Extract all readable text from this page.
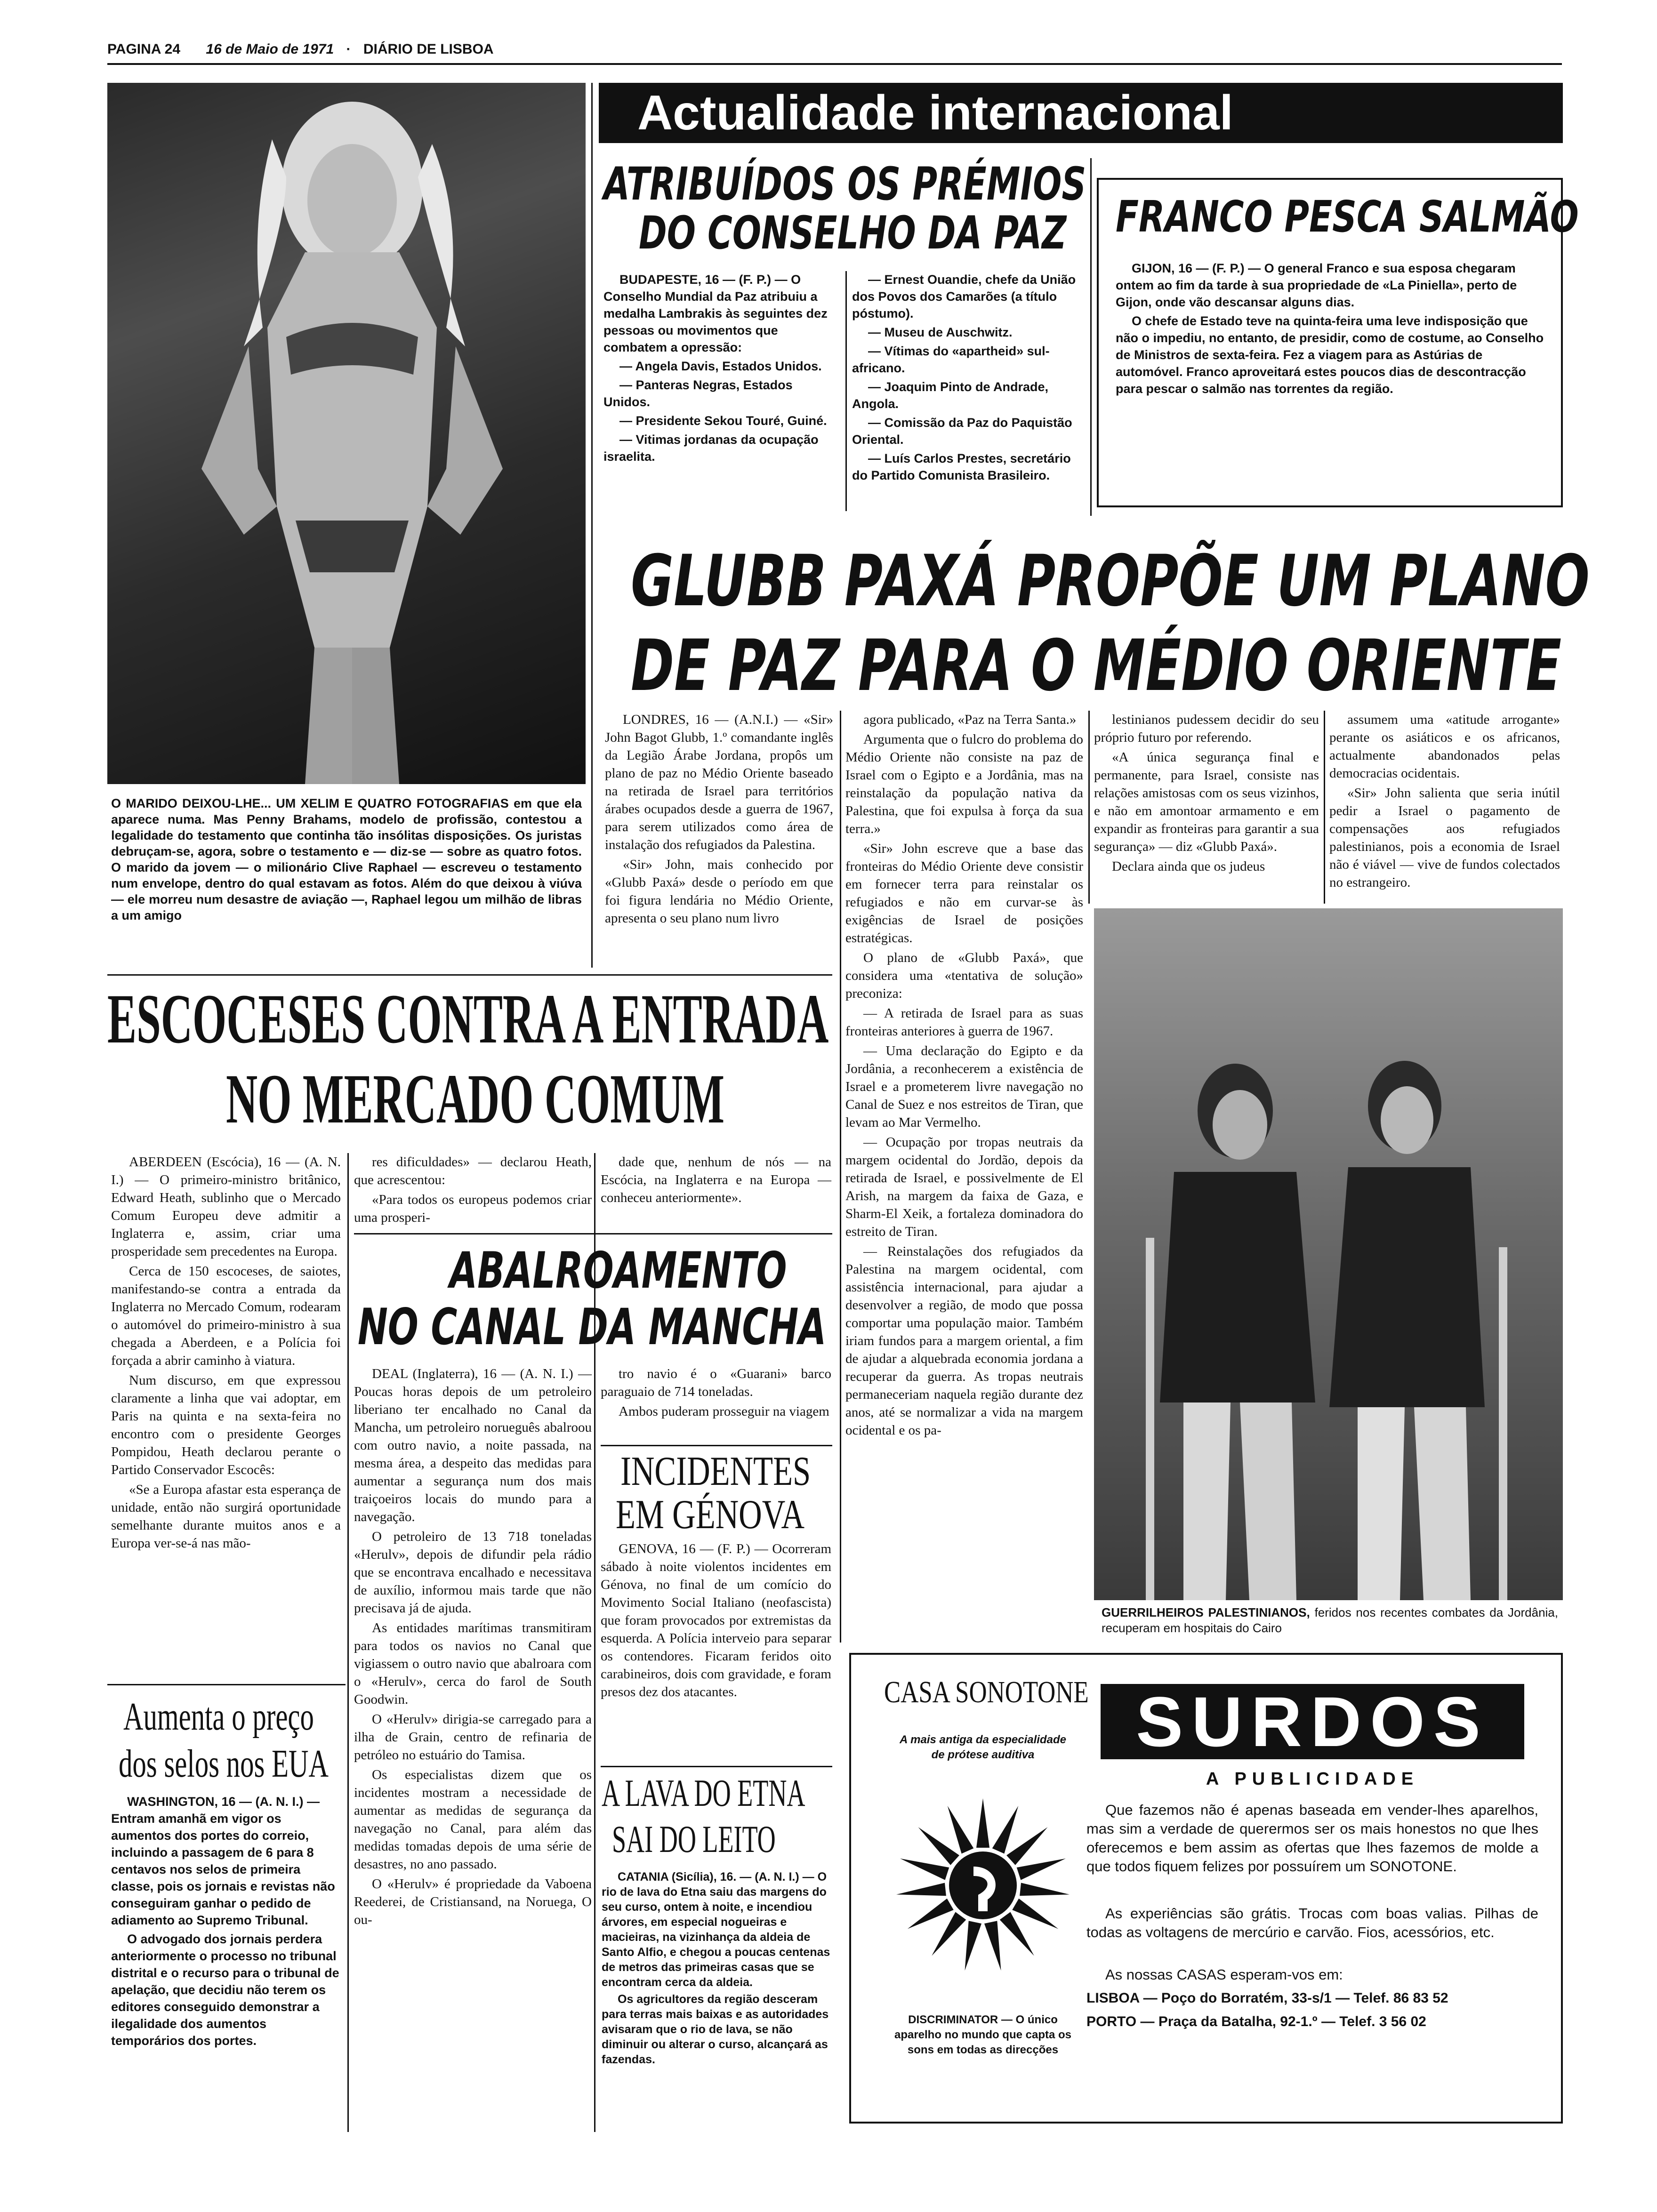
PAGINA 24 16 de Maio de 1971 · DIÁRIO DE LISBOA
O MARIDO DEIXOU-LHE... UM XELIM E QUATRO FOTOGRAFIAS em que ela aparece numa. Mas Penny Brahams, modelo de profissão, contestou a legalidade do testamento que continha tão insólitas disposições. Os juristas debruçam-se, agora, sobre o testamento e — diz-se — sobre as quatro fotos. O marido da jovem — o milionário Clive Raphael — escreveu o testamento num envelope, dentro do qual estavam as fotos. Além do que deixou à viúva — ele morreu num desastre de aviação —, Raphael legou um milhão de libras a um amigo
Actualidade internacional
ATRIBUÍDOS OS PRÉMIOS
DO CONSELHO DA PAZ

BUDAPESTE, 16 — (F. P.) — O Conselho Mundial da Paz atribuiu a medalha Lambrakis às seguintes dez pessoas ou movimentos que combatem a opressão:

— Angela Davis, Estados Unidos.

— Panteras Negras, Estados Unidos.

— Presidente Sekou Touré, Guiné.

— Vitimas jordanas da ocupação israelita.

— Ernest Ouandie, chefe da União dos Povos dos Camarões (a título póstumo).

— Museu de Auschwitz.

— Vítimas do «apartheid» sul-africano.

— Joaquim Pinto de Andrade, Angola.

— Comissão da Paz do Paquistão Oriental.

— Luís Carlos Prestes, secretário do Partido Comunista Brasileiro.

FRANCO PESCA SALMÃO

GIJON, 16 — (F. P.) — O general Franco e sua esposa chegaram ontem ao fim da tarde à sua propriedade de «La Piniella», perto de Gijon, onde vão descansar alguns dias.

O chefe de Estado teve na quinta-feira uma leve indisposição que não o impediu, no entanto, de presidir, como de costume, ao Conselho de Ministros de sexta-feira. Fez a viagem para as Astúrias de automóvel. Franco aproveitará estes poucos dias de descontracção para pescar o salmão nas torrentes da região.

GLUBB PAXÁ PROPÕE UM PLANO
DE PAZ PARA O MÉDIO ORIENTE

LONDRES, 16 — (A.N.I.) — «Sir» John Bagot Glubb, 1.º comandante inglês da Legião Árabe Jordana, propôs um plano de paz no Médio Oriente baseado na retirada de Israel para territórios árabes ocupados desde a guerra de 1967, para serem utilizados como área de instalação dos refugiados da Palestina.

«Sir» John, mais conhecido por «Glubb Paxá» desde o período em que foi figura lendária no Médio Oriente, apresenta o seu plano num livro

agora publicado, «Paz na Terra Santa.»

Argumenta que o fulcro do problema do Médio Oriente não consiste na paz de Israel com o Egipto e a Jordânia, mas na reinstalação da população nativa da Palestina, que foi expulsa à força da sua terra.»

«Sir» John escreve que a base das fronteiras do Médio Oriente deve consistir em fornecer terra para reinstalar os refugiados e não em curvar-se às exigências de Israel de posições estratégicas.

O plano de «Glubb Paxá», que considera uma «tentativa de solução» preconiza:

— A retirada de Israel para as suas fronteiras anteriores à guerra de 1967.

— Uma declaração do Egipto e da Jordânia, a reconhecerem a existência de Israel e a prometerem livre navegação no Canal de Suez e nos estreitos de Tiran, que levam ao Mar Vermelho.

— Ocupação por tropas neutrais da margem ocidental do Jordão, depois da retirada de Israel, e possivelmente de El Arish, na margem da faixa de Gaza, e Sharm-El Xeik, a fortaleza dominadora do estreito de Tiran.

— Reinstalações dos refugiados da Palestina na margem ocidental, com assistência internacional, para ajudar a desenvolver a região, de modo que possa comportar uma população maior. Também iriam fundos para a margem oriental, a fim de ajudar a alquebrada economia jordana a recuperar da guerra. As tropas neutrais permaneceriam naquela região durante dez anos, até se normalizar a vida na margem ocidental e os pa-

lestinianos pudessem decidir do seu próprio futuro por referendo.

«A única segurança final e permanente, para Israel, consiste nas relações amistosas com os seus vizinhos, e não em amontoar armamento e em expandir as fronteiras para garantir a sua segurança» — diz «Glubb Paxá».

Declara ainda que os judeus

assumem uma «atitude arrogante» perante os asiáticos e os africanos, actualmente abandonados pelas democracias ocidentais.

«Sir» John salienta que seria inútil pedir a Israel o pagamento de compensações aos refugiados palestinianos, pois a economia de Israel não é viável — vive de fundos colectados no estrangeiro.

GUERRILHEIROS PALESTINIANOS, feridos nos recentes combates da Jordânia, recuperam em hospitais do Cairo
ESCOCESES CONTRA A ENTRADA
NO MERCADO COMUM

ABERDEEN (Escócia), 16 — (A. N. I.) — O primeiro-ministro britânico, Edward Heath, sublinho que o Mercado Comum Europeu deve admitir a Inglaterra e, assim, criar uma prosperidade sem precedentes na Europa.

Cerca de 150 escoceses, de saiotes, manifestando-se contra a entrada da Inglaterra no Mercado Comum, rodearam o automóvel do primeiro-ministro à sua chegada a Aberdeen, e a Polícia foi forçada a abrir caminho à viatura.

Num discurso, em que expressou claramente a linha que vai adoptar, em Paris na quinta e na sexta-feira no encontro com o presidente Georges Pompidou, Heath declarou perante o Partido Conservador Escocês:

«Se a Europa afastar esta esperança de unidade, então não surgirá oportunidade semelhante durante muitos anos e a Europa ver-se-á nas mão-

res dificuldades» — declarou Heath, que acrescentou:

«Para todos os europeus podemos criar uma prosperi-

dade que, nenhum de nós — na Escócia, na Inglaterra e na Europa — conheceu anteriormente».

Aumenta o preço
dos selos nos EUA

WASHINGTON, 16 — (A. N. I.) — Entram amanhã em vigor os aumentos dos portes do correio, incluindo a passagem de 6 para 8 centavos nos selos de primeira classe, pois os jornais e revistas não conseguiram ganhar o pedido de adiamento ao Supremo Tribunal.

O advogado dos jornais perdera anteriormente o processo no tribunal distrital e o recurso para o tribunal de apelação, que decidiu não terem os editores conseguido demonstrar a ilegalidade dos aumentos temporários dos portes.

ABALROAMENTO
NO CANAL DA MANCHA

DEAL (Inglaterra), 16 — (A. N. I.) — Poucas horas depois de um petroleiro liberiano ter encalhado no Canal da Mancha, um petroleiro norueguês abalroou com outro navio, a noite passada, na mesma área, a despeito das medidas para aumentar a segurança num dos mais traiçoeiros locais do mundo para a navegação.

O petroleiro de 13 718 toneladas «Herulv», depois de difundir pela rádio que se encontrava encalhado e necessitava de auxílio, informou mais tarde que não precisava já de ajuda.

As entidades marítimas transmitiram para todos os navios no Canal que vigiassem o outro navio que abalroara com o «Herulv», cerca do farol de South Goodwin.

O «Herulv» dirigia-se carregado para a ilha de Grain, centro de refinaria de petróleo no estuário do Tamisa.

Os especialistas dizem que os incidentes mostram a necessidade de aumentar as medidas de segurança da navegação no Canal, para além das medidas tomadas depois de uma série de desastres, no ano passado.

O «Herulv» é propriedade da Vaboena Reederei, de Cristiansand, na Noruega, O ou-

tro navio é o «Guarani» barco paraguaio de 714 toneladas.

Ambos puderam prosseguir na viagem

INCIDENTES
EM GÉNOVA

GENOVA, 16 — (F. P.) — Ocorreram sábado à noite violentos incidentes em Génova, no final de um comício do Movimento Social Italiano (neofascista) que foram provocados por extremistas da esquerda. A Polícia interveio para separar os contendores. Ficaram feridos oito carabineiros, dois com gravidade, e foram presos dez dos atacantes.

A LAVA DO ETNA
SAI DO LEITO

CATANIA (Sicília), 16. — (A. N. I.) — O rio de lava do Etna saiu das margens do seu curso, ontem à noite, e incendiou árvores, em especial nogueiras e macieiras, na vizinhança da aldeia de Santo Alfio, e chegou a poucas centenas de metros das primeiras casas que se encontram cerca da aldeia.

Os agricultores da região desceram para terras mais baixas e as autoridades avisaram que o rio de lava, se não diminuir ou alterar o curso, alcançará as fazendas.

CASA SONOTONE
A mais antiga da especialidade de prótese auditiva
DISCRIMINATOR — O único aparelho no mundo que capta os sons em todas as direcções
SURDOS
A PUBLICIDADE
Que fazemos não é apenas baseada em vender-lhes aparelhos, mas sim a verdade de querermos ser os mais honestos no que lhes oferecemos e bem assim as ofertas que lhes fazemos de molde a que todos fiquem felizes por possuírem um SONOTONE.
As experiências são grátis. Trocas com boas valias. Pilhas de todas as voltagens de mercúrio e carvão. Fios, acessórios, etc.
As nossas CASAS esperam-vos em:
LISBOA — Poço do Borratém, 33-s/1 — Telef. 86 83 52
PORTO — Praça da Batalha, 92-1.º — Telef. 3 56 02
